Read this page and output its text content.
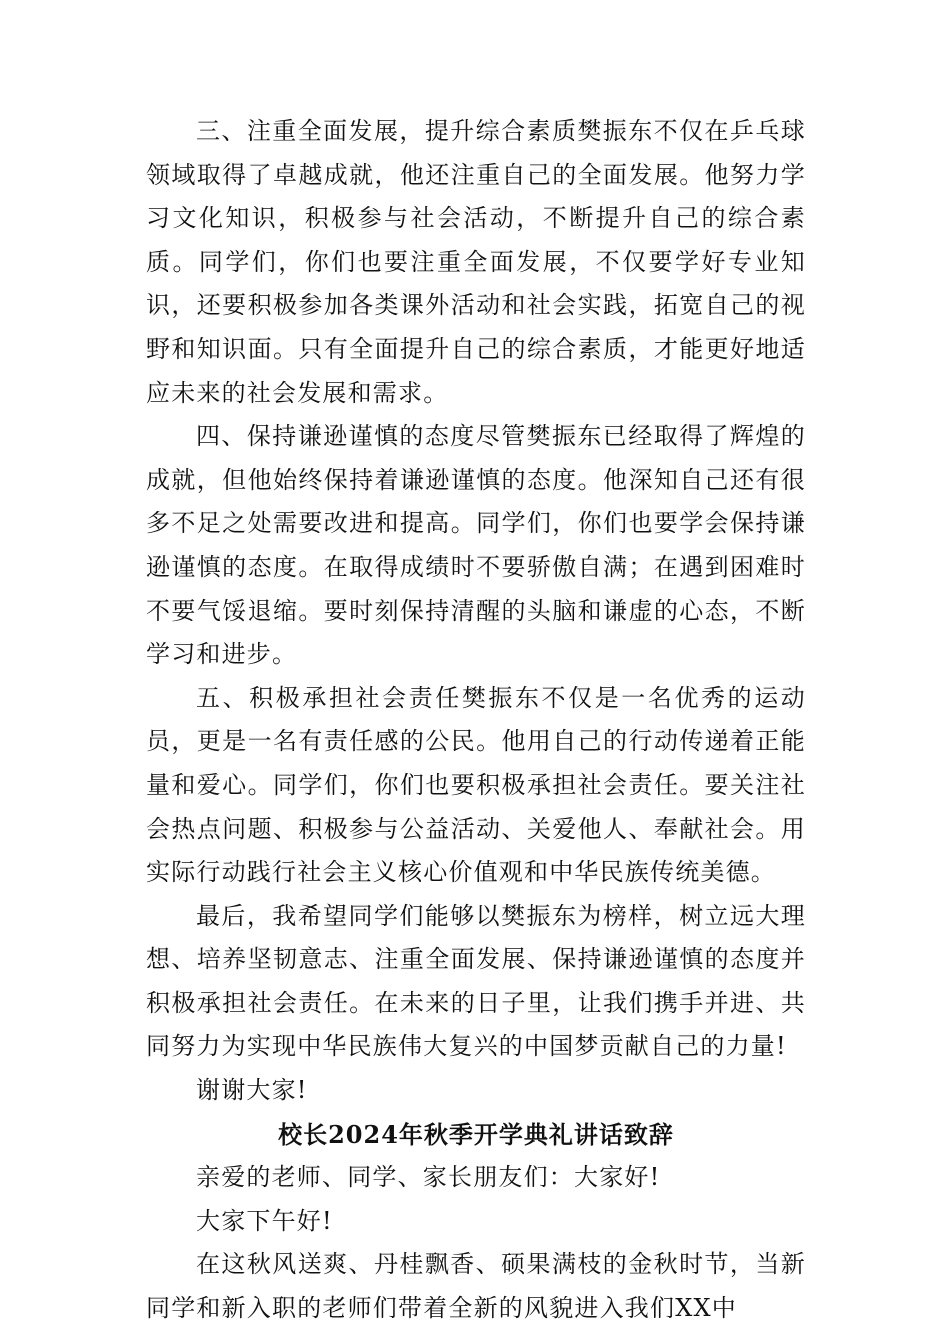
三、注重全面发展，提升综合素质樊振东不仅在乒乓球领域取得了卓越成就，他还注重自己的全面发展。他努力学习文化知识，积极参与社会活动，不断提升自己的综合素质。同学们，你们也要注重全面发展，不仅要学好专业知识，还要积极参加各类课外活动和社会实践，拓宽自己的视野和知识面。只有全面提升自己的综合素质，才能更好地适应未来的社会发展和需求。

四、保持谦逊谨慎的态度尽管樊振东已经取得了辉煌的成就，但他始终保持着谦逊谨慎的态度。他深知自己还有很多不足之处需要改进和提高。同学们，你们也要学会保持谦逊谨慎的态度。在取得成绩时不要骄傲自满；在遇到困难时不要气馁退缩。要时刻保持清醒的头脑和谦虚的心态，不断学习和进步。

五、积极承担社会责任樊振东不仅是一名优秀的运动员，更是一名有责任感的公民。他用自己的行动传递着正能量和爱心。同学们，你们也要积极承担社会责任。要关注社会热点问题、积极参与公益活动、关爱他人、奉献社会。用实际行动践行社会主义核心价值观和中华民族传统美德。

最后，我希望同学们能够以樊振东为榜样，树立远大理想、培养坚韧意志、注重全面发展、保持谦逊谨慎的态度并积极承担社会责任。在未来的日子里，让我们携手并进、共同努力为实现中华民族伟大复兴的中国梦贡献自己的力量!

谢谢大家!

校长2024年秋季开学典礼讲话致辞

亲爱的老师、同学、家长朋友们：大家好!

大家下午好!

在这秋风送爽、丹桂飘香、硕果满枝的金秋时节，当新同学和新入职的老师们带着全新的风貌进入我们XX中
